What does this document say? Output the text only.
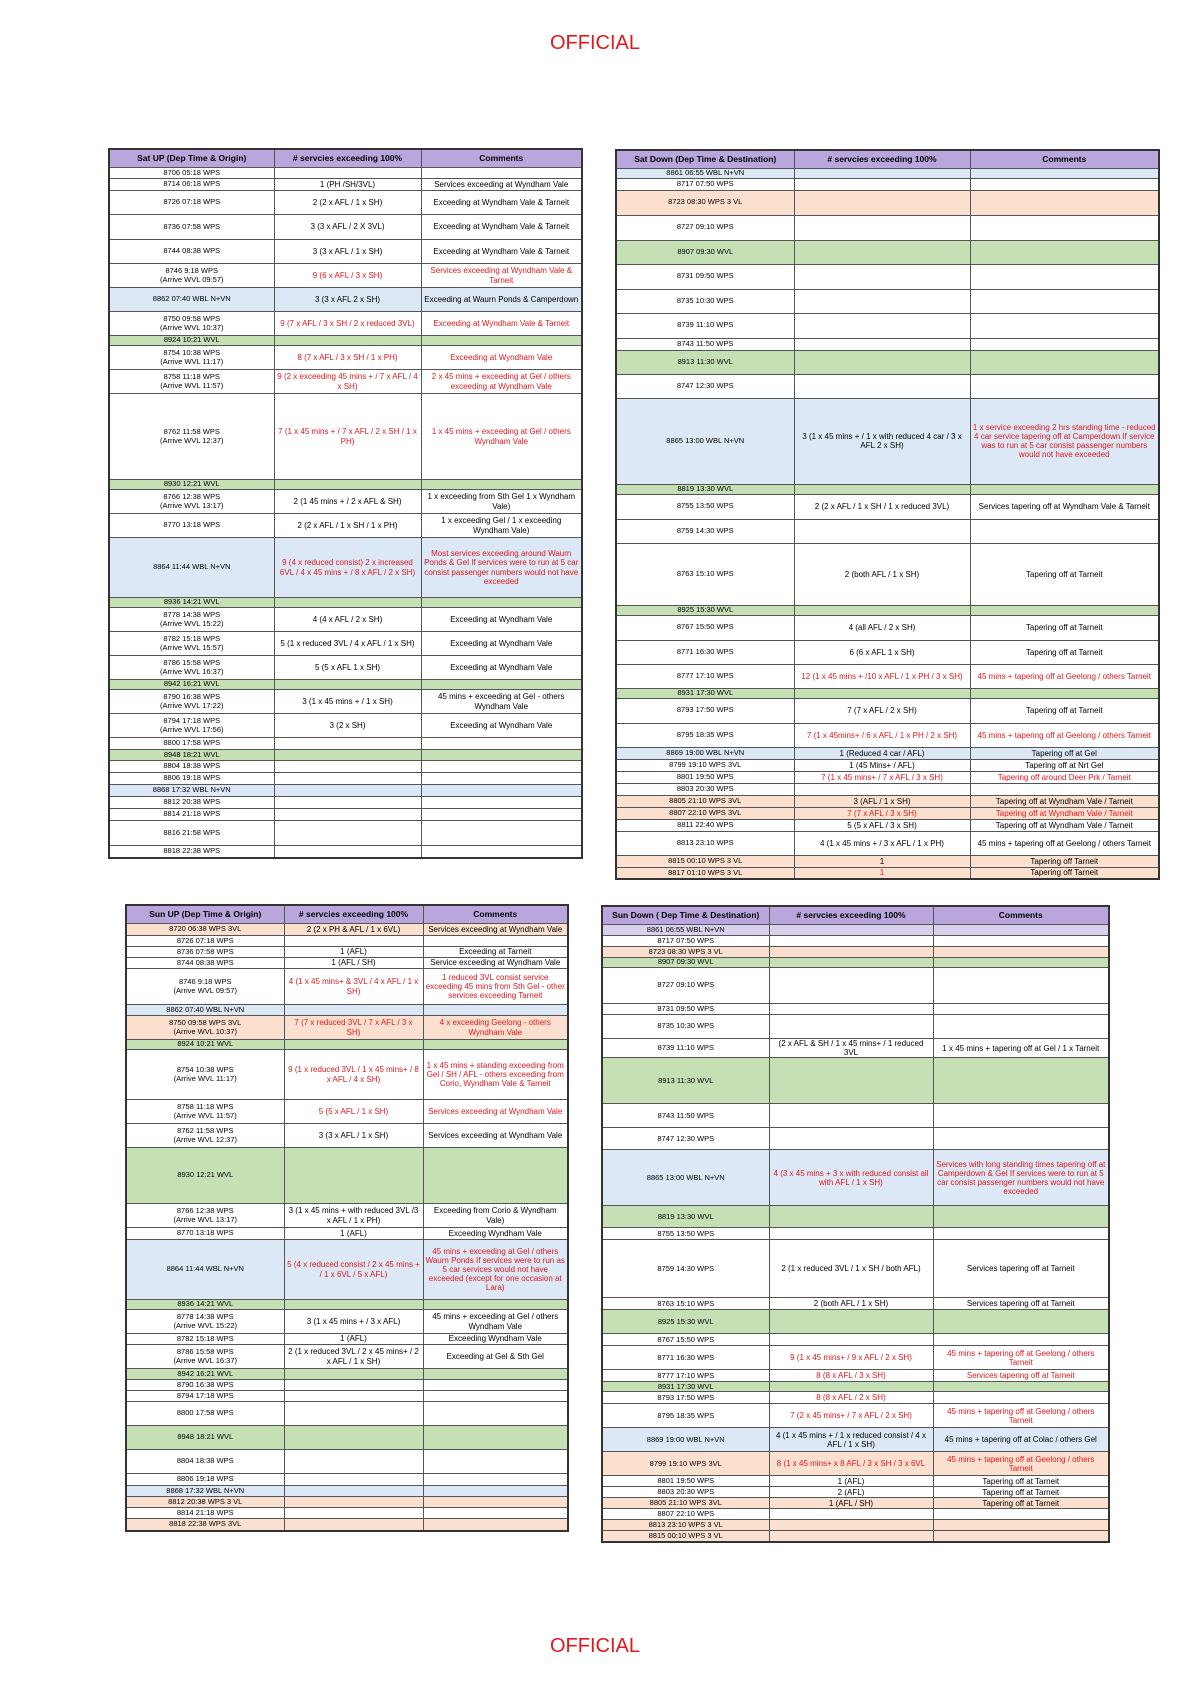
OFFICIAL
Sat UP (Dep Time & Origin)	# servcies exceeding 100%	Comments

8706 05:18 WPS		

8714 06:18 WPS	1 (PH /SH/3VL)	Services exceeding at Wyndham Vale

8726 07:18 WPS	2 (2 x AFL / 1 x SH)	Exceeding at Wyndham Vale & Tarneit

8736 07:58 WPS	3 (3 x AFL / 2 X 3VL)	Exceeding at Wyndham Vale & Tarneit

8744 08:38 WPS	3 (3 x AFL / 1 x SH)	Exceeding at Wyndham Vale & Tarneit

8746 9:18 WPS
(Arrive WVL 09:57)	9 (6 x AFL / 3 x SH)	Services exceeding at Wyndham Vale & Tarneit

8862 07:40 WBL N+VN	3 (3 x AFL 2 x SH)	Exceeding at Waurn Ponds & Camperdown

8750 09:58 WPS
(Arrive WVL 10:37)	9 (7 x AFL / 3 x SH / 2 x reduced 3VL)	Exceeding at Wyndham Vale & Tarneit

8924 10:21 WVL		

8754 10:38 WPS
(Arrive WVL 11:17)	8 (7 x AFL / 3 x SH / 1 x PH)	Exceeding at Wyndham Vale

8758 11:18 WPS
(Arrive WVL 11:57)	9 (2 x exceeding 45 mins + / 7 x AFL / 4 x SH)	2 x 45 mins + exceeding at Gel / others exceeding at Wyndham Vale

8762 11:58 WPS
(Arrive WVL 12:37)	7 (1 x 45 mins + / 7 x AFL / 2 x SH / 1 x PH)	1 x 45 mins + exceeding at Gel / others Wyndham Vale

8930 12:21 WVL		

8766 12:38 WPS
(Arrive WVL 13:17)	2 (1 45 mins + / 2 x AFL & SH)	1 x exceeding from Sth Gel 1 x Wyndham Vale)

8770 13:18 WPS	2 (2 x AFL / 1 x SH / 1 x PH)	1 x exceeding Gel / 1 x exceeding Wyndham Vale)

8864 11:44 WBL N+VN	9 (4 x reduced consist) 2 x increased 6VL / 4 x 45 mins + / 8 x AFL / 2 x SH)	Most services exceeding around Waurn Ponds & Gel If services were to run at 5 car consist passenger numbers would not have exceeded

8936 14:21 WVL		

8778 14:38 WPS
(Arrive WVL 15:22)	4 (4 x AFL / 2 x SH)	Exceeding at Wyndham Vale

8782 15:18 WPS
(Arrive WVL 15:57)	5 (1 x reduced 3VL / 4 x AFL / 1 x SH)	Exceeding at Wyndham Vale

8786 15:58 WPS
(Arrive WVL 16:37)	5 (5 x AFL 1 x SH)	Exceeding at Wyndham Vale

8942 16:21 WVL		

8790 16:38 WPS
(Arrive WVL 17:22)	3 (1 x 45 mins + / 1 x SH)	45 mins + exceeding at Gel - others Wyndham Vale

8794 17:18 WPS
(Arrive WVL 17:56)	3 (2 x SH)	Exceeding at Wyndham Vale

8800 17:58 WPS		

8948 18:21 WVL		

8804 18:38 WPS		

8806 19:18 WPS		

8868 17:32 WBL N+VN		

8812 20:38 WPS		

8814 21:18 WPS		

8816 21:58 WPS		

8818 22:38 WPS		

Sat Down (Dep Time & Destination)	# servcies exceeding 100%	Comments

8861 06:55 WBL N+VN		

8717 07:50 WPS		

8723 08:30 WPS 3 VL		

8727 09:10 WPS		

8907 09:30 WVL		

8731 09:50 WPS		

8735 10:30 WPS		

8739 11:10 WPS		

8743 11:50 WPS		

8913 11:30 WVL		

8747 12:30 WPS		

8865 13:00 WBL N+VN	3 (1 x 45 mins + / 1 x with reduced 4 car / 3 x AFL 2 x SH)	1 x service exceeding 2 hrs standing time - reduced 4 car service tapering off at Camperdown If service was to run at 5 car consist passenger numbers would not have exceeded

8819 13:30 WVL		

8755 13:50 WPS	2 (2 x AFL / 1 x SH / 1 x reduced 3VL)	Services tapering off at Wyndham Vale & Tarneit

8759 14:30 WPS		

8763 15:10 WPS	2 (both AFL / 1 x SH)	Tapering off at Tarneit

8925 15:30 WVL		

8767 15:50 WPS	4 (all AFL / 2 x SH)	Tapering off at Tarneit

8771 16:30 WPS	6 (6 x AFL 1 x SH)	Tapering off at Tarneit

8777 17:10 WPS	12 (1 x 45 mins + /10 x AFL / 1 x PH / 3 x SH)	45 mins + tapering off at Geelong / others Tarneit

8931 17:30 WVL		

8793 17:50 WPS	7 (7 x AFL / 2 x SH)	Tapering off at Tarneit

8795 18:35 WPS	7 (1 x 45mins+ / 6 x AFL / 1 x PH / 2 x SH)	45 mins + tapering off at Geelong / others Tarneit

8869 19:00 WBL N+VN	1 (Reduced 4 car / AFL)	Tapering off at Gel

8799 19:10 WPS 3VL	1 (45 Mins+ / AFL)	Tapering off at Nrt Gel

8801 19:50 WPS	7 (1 x 45 mins+ / 7 x AFL / 3 x SH)	Tapering off around Deer Prk / Tarneit

8803 20:30 WPS		

8805 21:10 WPS 3VL	3 (AFL / 1 x SH)	Tapering off at Wyndham Vale / Tarneit

8807 22:10 WPS 3VL	7 (7 x AFL / 3 x SH)	Tapering off at Wyndham Vale / Tarneit

8811 22:40 WPS	5 (5 x AFL / 3 x SH)	Tapering off at Wyndham Vale / Tarneit

8813 23:10 WPS	4 (1 x 45 mins + / 3 x AFL / 1 x PH)	45 mins + tapering off at Geelong / others Tarneit

8815 00:10 WPS 3 VL	1	Tapering off Tarneit

8817 01:10 WPS 3 VL	1	Tapering off Tarneit
Sun UP (Dep Time & Origin)	# servcies exceeding 100%	Comments

8720 06:38 WPS 3VL	2 (2 x PH & AFL / 1 x 6VL)	Services exceeding at Wyndham Vale

8726 07:18 WPS		

8736 07:58 WPS	1 (AFL)	Exceeding at Tarneit

8744 08:38 WPS	1 (AFL / SH)	Service exceeding at Wyndham Vale

8746 9:18 WPS
(Arrive WVL 09:57)	4 (1 x 45 mins+ & 3VL / 4 x AFL / 1 x SH)	1 reduced 3VL consist service exceeding 45 mins from Sth Gel - other services exceeding Tarneit

8862 07:40 WBL N+VN		

8750 09:58 WPS 3VL
(Arrive WVL 10:37)	7 (7 x reduced 3VL / 7 x AFL / 3 x SH)	4 x exceeding Geelong - others Wyndham Vale

8924 10:21 WVL		

8754 10:38 WPS
(Arrive WVL 11:17)	9 (1 x reduced 3VL / 1 x 45 mins+ / 8 x AFL / 4 x SH)	1 x 45 mins + standing exceeding from Gel / SH / AFL - others exceeding from Corio, Wyndham Vale & Tarneit

8758 11:18 WPS
(Arrive WVL 11:57)	5 (5 x AFL / 1 x SH)	Services exceeding at Wyndham Vale

8762 11:58 WPS
(Arrive WVL 12:37)	3 (3 x AFL / 1 x SH)	Services exceeding at Wyndham Vale

8930 12:21 WVL		

8766 12:38 WPS
(Arrive WVL 13:17)	3 (1 x 45 mins + with reduced 3VL /3 x AFL / 1 x PH)	Exceeding from Corio & Wyndham Vale)

8770 13:18 WPS	1 (AFL)	Exceeding Wyndham Vale

8864 11:44 WBL N+VN	5 (4 x reduced consist / 2 x 45 mins + / 1 x 6VL / 5 x AFL)	45 mins + exceeding at Gel / others Waurn Ponds If services were to run as 5 car services would not have exceeded (except for one occasion at Lara)

8936 14:21 WVL		

8778 14:38 WPS
(Arrive WVL 15:22)	3 (1 x 45 mins + / 3 x AFL)	45 mins + exceeding at Gel / others Wyndham Vale

8782 15:18 WPS	1 (AFL)	Exceeding Wyndham Vale

8786 15:58 WPS
(Arrive WVL 16:37)	2 (1 x reduced 3VL / 2 x 45 mins+ / 2 x AFL / 1 x SH)	Exceeding at Gel & Sth Gel

8942 16:21 WVL		

8790 16:38 WPS		

8794 17:18 WPS		

8800 17:58 WPS		

8948 18:21 WVL		

8804 18:38 WPS		

8806 19:18 WPS		

8868 17:32 WBL N+VN		

8812 20:38 WPS 3 VL		

8814 21:18 WPS		

8818 22:38 WPS 3VL		

Sun Down ( Dep Time & Destination)	# servcies exceeding 100%	Comments

8861 06:55 WBL N+VN		

8717 07:50 WPS		

8723 08:30 WPS 3 VL		

8907 09:30 WVL		

8727 09:10 WPS		

8731 09:50 WPS		

8735 10:30 WPS		

8739 11:10 WPS	(2 x AFL & SH / 1 x 45 mins+ / 1 reduced 3VL	1 x 45 mins + tapering off at Gel / 1 x Tarneit

8913 11:30 WVL		

8743 11:50 WPS		

8747 12:30 WPS		

8865 13:00 WBL N+VN	4 (3 x 45 mins + 3 x with reduced consist all with AFL / 1 x SH)	Services with long standing times tapering off at Camperdown & Gel If services were to run at 5 car consist passenger numbers would not have exceeded

8819 13:30 WVL		

8755 13:50 WPS		

8759 14:30 WPS	2 (1 x reduced 3VL / 1 x SH / both AFL)	Services tapering off at Tarneit

8763 15:10 WPS	2 (both AFL / 1 x SH)	Services tapering off at Tarneit

8925 15:30 WVL		

8767 15:50 WPS		

8771 16:30 WPS	9 (1 x 45 mins+ / 9 x AFL / 2 x SH)	45 mins + tapering off at Geelong / others Tarneit

8777 17:10 WPS	8 (8 x AFL / 3 x SH)	Services tapering off at Tarneit

8931 17:30 WVL		

8793 17:50 WPS	8 (8 x AFL / 2 x SH)	

8795 18:35 WPS	7 (2 x 45 mins+ / 7 x AFL / 2 x SH)	45 mins + tapering off at Geelong / others Tarneit

8869 19:00 WBL N+VN	4 (1 x 45 mins + / 1 x reduced consist / 4 x AFL / 1 x SH)	45 mins + tapering off at Colac / others Gel

8799 19:10 WPS 3VL	8 (1 x 45 mins+ x 8 AFL / 3 x SH / 3 x 6VL	45 mins + tapering off at Geelong / others Tarneit

8801 19:50 WPS	1 (AFL)	Tapering off at Tarneit

8803 20:30 WPS	2 (AFL)	Tapering off at Tarneit

8805 21:10 WPS 3VL	1 (AFL / SH)	Tapering off at Tarneit

8807 22:10 WPS		

8813 23:10 WPS 3 VL		

8815 00:10 WPS 3 VL		

OFFICIAL
